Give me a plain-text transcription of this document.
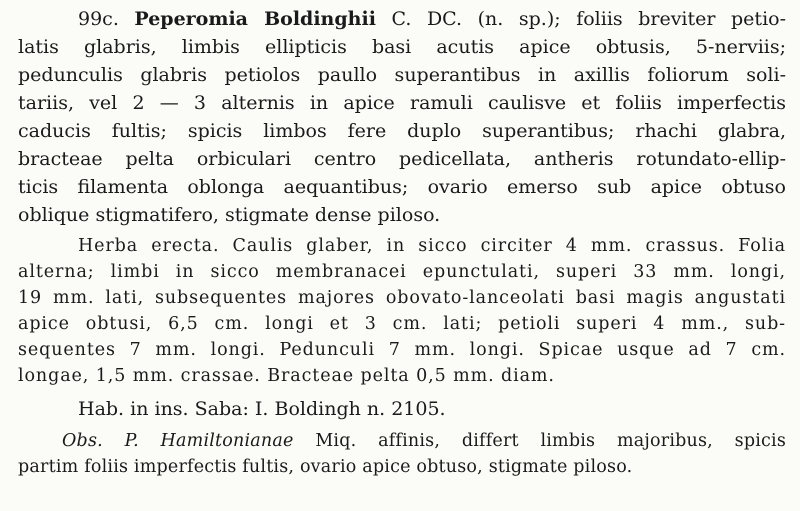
99c. Peperomia Boldinghii C. DC. (n. sp.); foliis breviter petio-
latis glabris, limbis ellipticis basi acutis apice obtusis, 5-nerviis;
pedunculis glabris petiolos paullo superantibus in axillis foliorum soli-
tariis, vel 2 — 3 alternis in apice ramuli caulisve et foliis imperfectis
caducis fultis; spicis limbos fere duplo superantibus; rhachi glabra,
bracteae pelta orbiculari centro pedicellata, antheris rotundato-ellip-
ticis filamenta oblonga aequantibus; ovario emerso sub apice obtuso
oblique stigmatifero, stigmate dense piloso.
Herba erecta. Caulis glaber, in sicco circiter 4 mm. crassus. Folia
alterna; limbi in sicco membranacei epunctulati, superi 33 mm. longi,
19 mm. lati, subsequentes majores obovato-lanceolati basi magis angustati
apice obtusi, 6,5 cm. longi et 3 cm. lati; petioli superi 4 mm., sub-
sequentes 7 mm. longi. Pedunculi 7 mm. longi. Spicae usque ad 7 cm.
longae, 1,5 mm. crassae. Bracteae pelta 0,5 mm. diam.
Hab. in ins. Saba: I. Boldingh n. 2105.
Obs. P. Hamiltonianae Miq. affinis, differt limbis majoribus, spicis
partim foliis imperfectis fultis, ovario apice obtuso, stigmate piloso.
